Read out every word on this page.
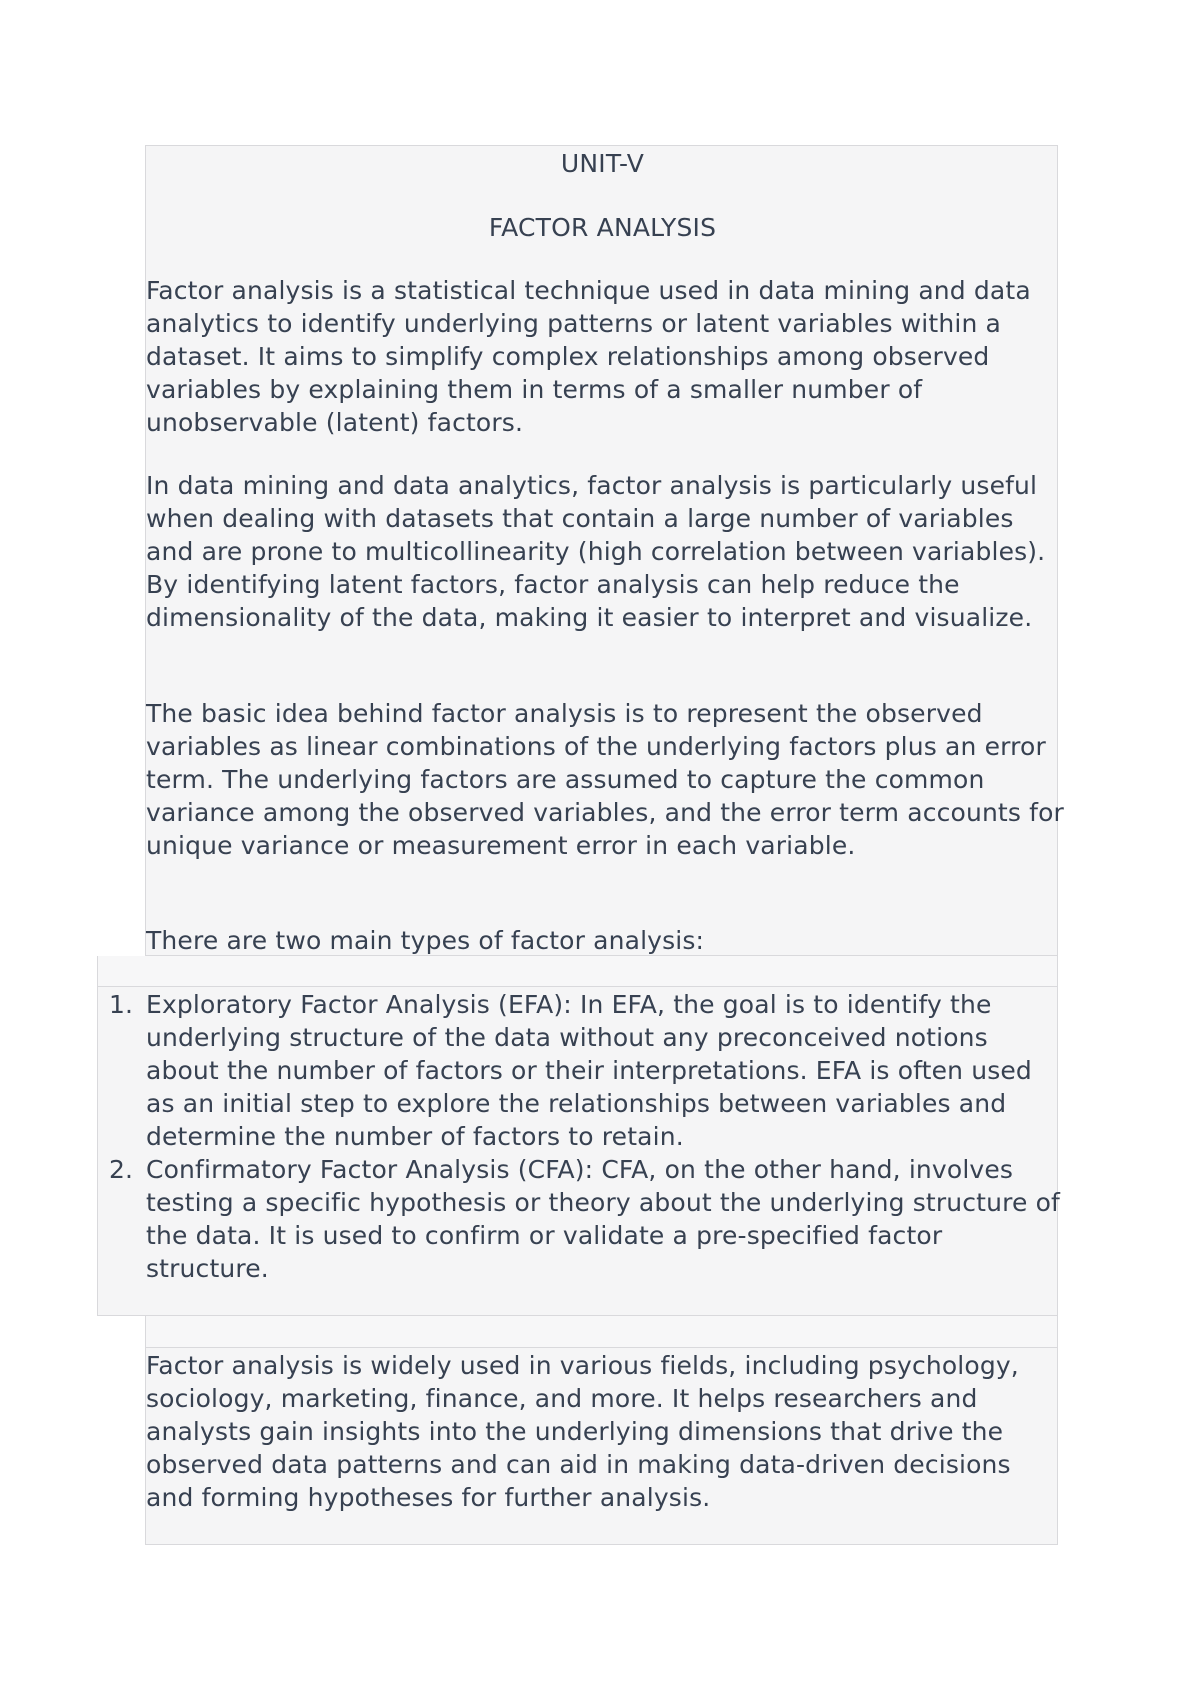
UNIT-V
FACTOR ANALYSIS

Factor analysis is a statistical technique used in data mining and data analytics to identify underlying patterns or latent variables within a dataset. It aims to simplify complex relationships among observed variables by explaining them in terms of a smaller number of unobservable (latent) factors.

In data mining and data analytics, factor analysis is particularly useful when dealing with datasets that contain a large number of variables and are prone to multicollinearity (high correlation between variables). By identifying latent factors, factor analysis can help reduce the dimensionality of the data, making it easier to interpret and visualize.

The basic idea behind factor analysis is to represent the observed variables as linear combinations of the underlying factors plus an error term. The underlying factors are assumed to capture the common variance among the observed variables, and the error term accounts for unique variance or measurement error in each variable.

There are two main types of factor analysis:

1. Exploratory Factor Analysis (EFA): In EFA, the goal is to identify the underlying structure of the data without any preconceived notions about the number of factors or their interpretations. EFA is often used as an initial step to explore the relationships between variables and determine the number of factors to retain.
2. Confirmatory Factor Analysis (CFA): CFA, on the other hand, involves testing a specific hypothesis or theory about the underlying structure of the data. It is used to confirm or validate a pre-specified factor structure.

Factor analysis is widely used in various fields, including psychology, sociology, marketing, finance, and more. It helps researchers and analysts gain insights into the underlying dimensions that drive the observed data patterns and can aid in making data-driven decisions and forming hypotheses for further analysis.
